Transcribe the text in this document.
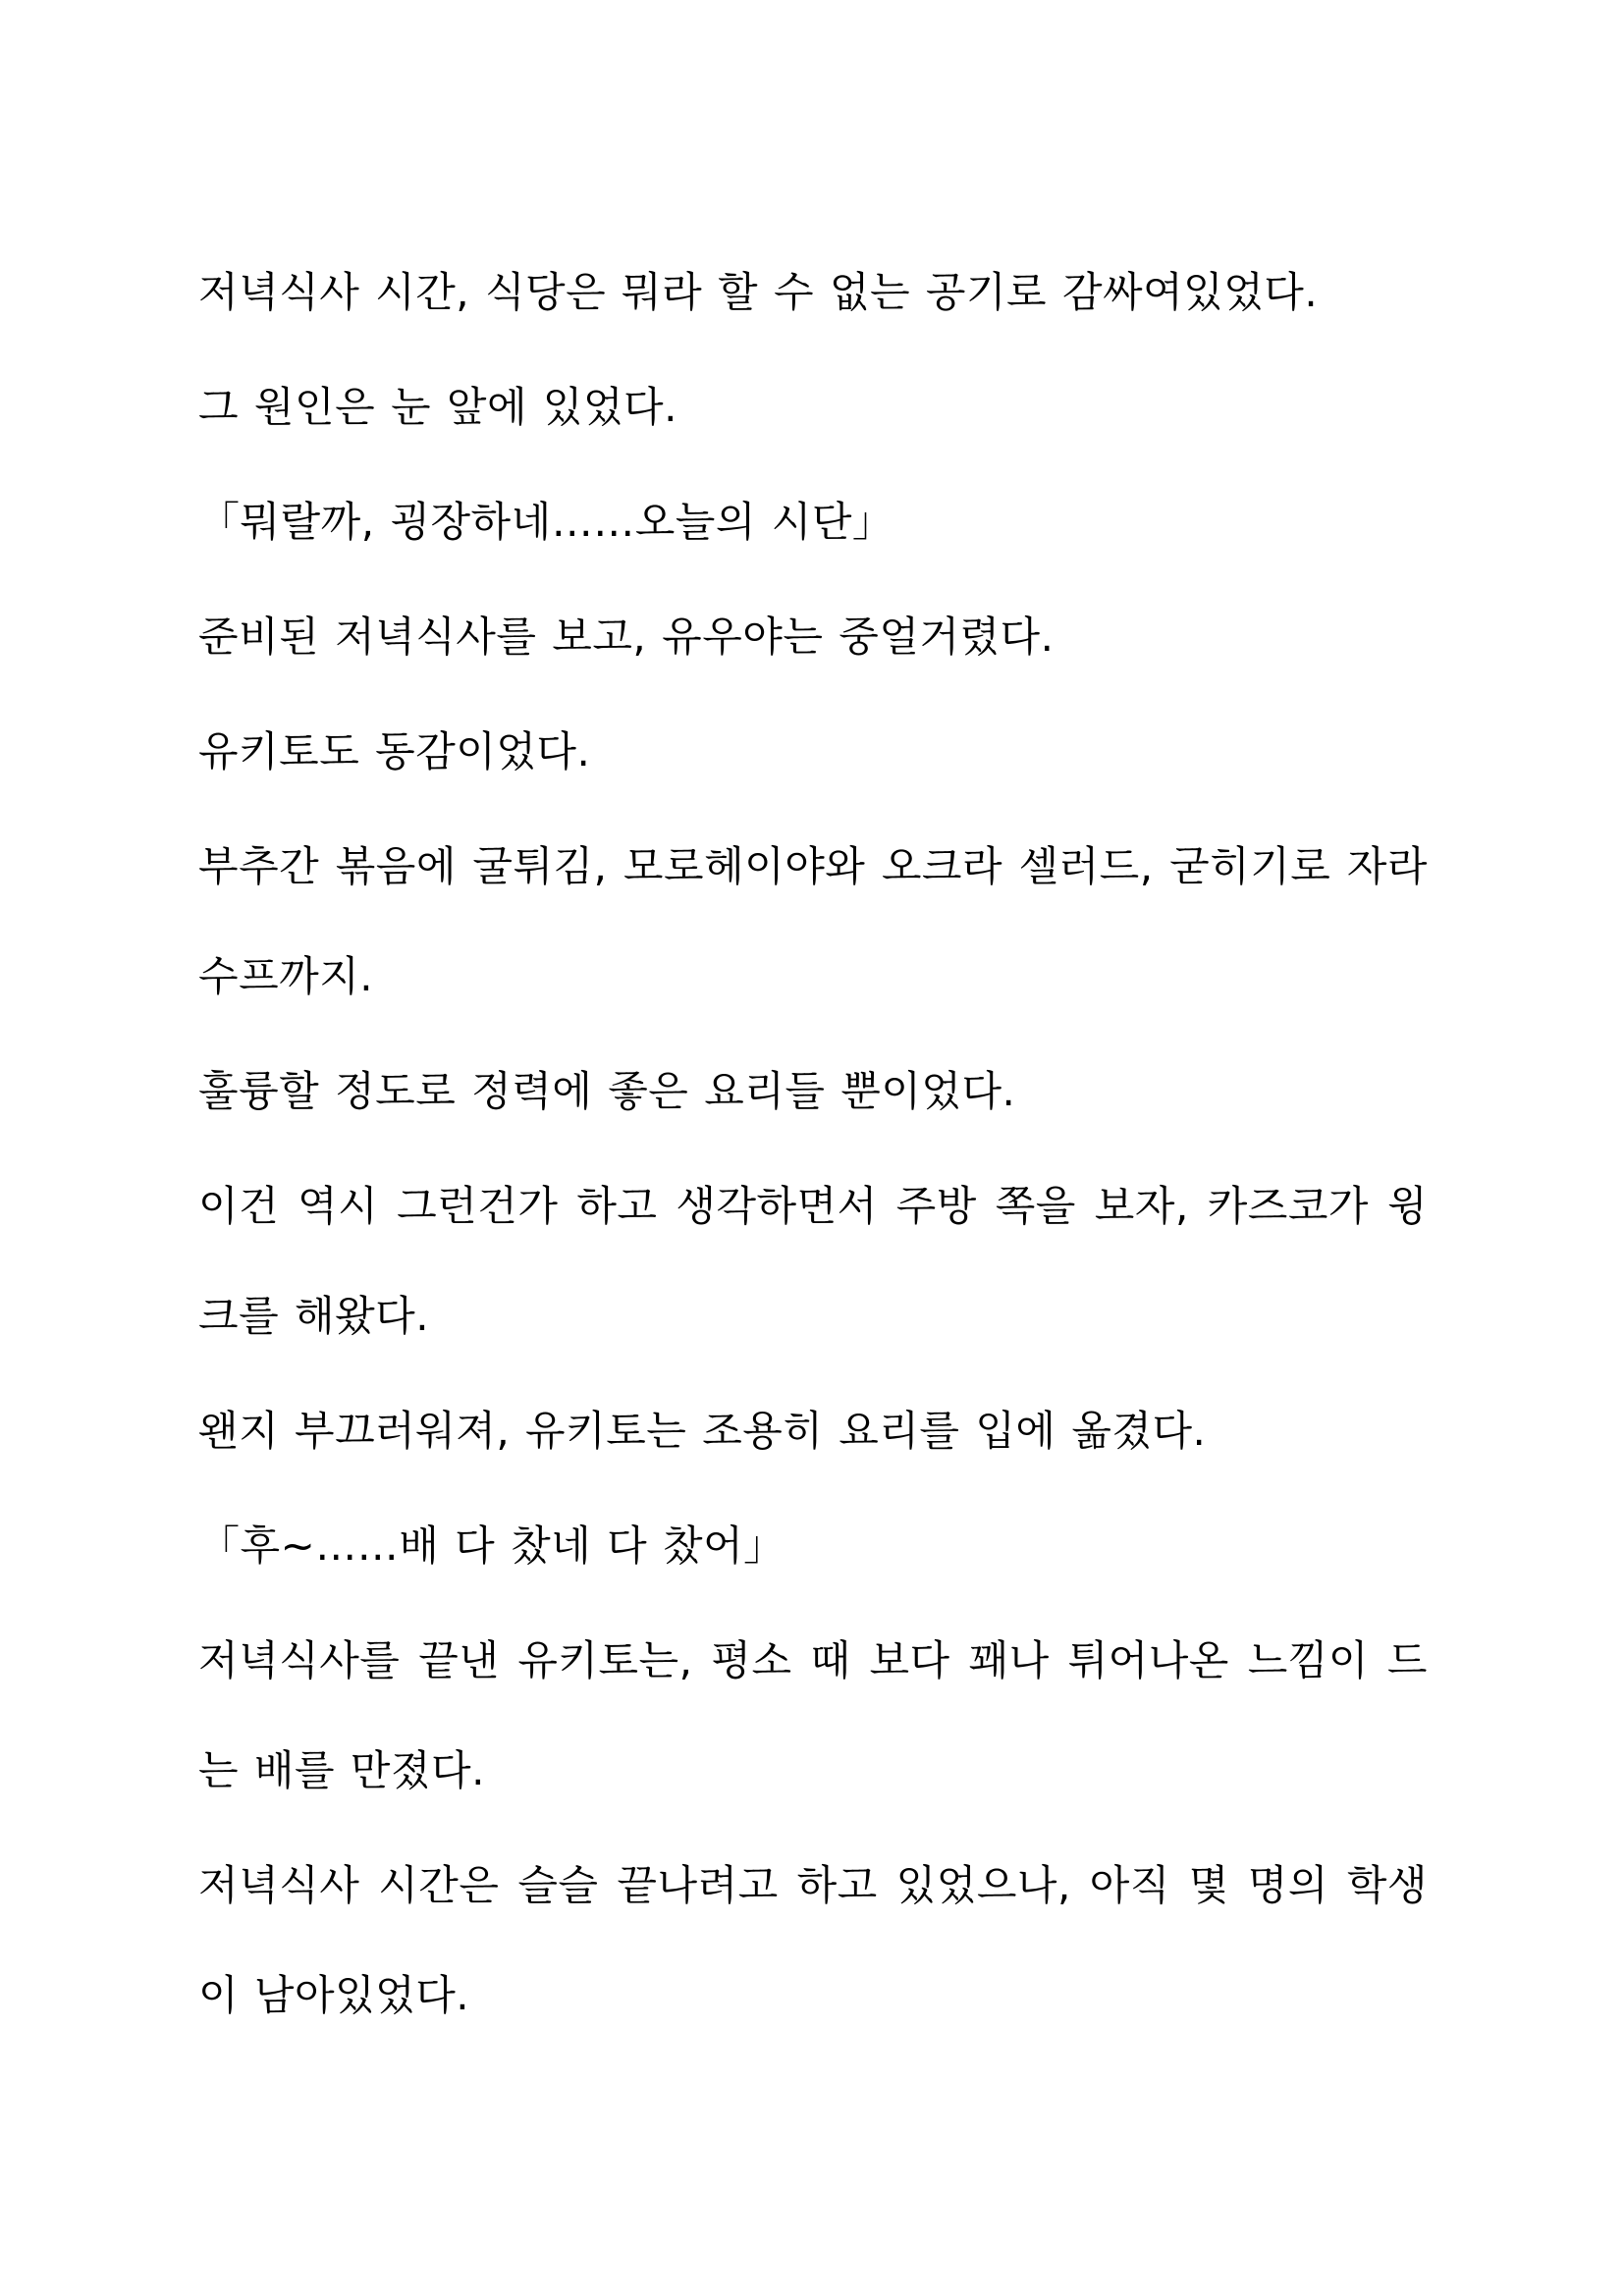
저녁식사 시간, 식당은 뭐라 할 수 없는 공기로 감싸여있었다.

그 원인은 눈 앞에 있었다.

「뭐랄까, 굉장하네……오늘의 시단」

준비된 저녁식사를 보고, 유우야는 중얼거렸다.

유키토도 동감이었다.

부추간 볶음에 굴튀김, 모로헤이야와 오크라 셀러드, 굳히기로 자라 수프까지.

훌륭할 정도로 정력에 좋은 요리들 뿐이었다.

이건 역시 그런건가 하고 생각하면서 주방 쪽을 보자, 카즈코가 윙크를 해왔다.

왠지 부끄러워져, 유키토는 조용히 요리를 입에 옮겼다.

「후~……배 다 찼네 다 찼어」

저녁식사를 끝낸 유키토는, 평소 때 보다 꽤나 튀어나온 느낌이 드는 배를 만졌다.

저녁식사 시간은 슬슬 끝나려고 하고 있었으나, 아직 몇 명의 학생이 남아있었다.
